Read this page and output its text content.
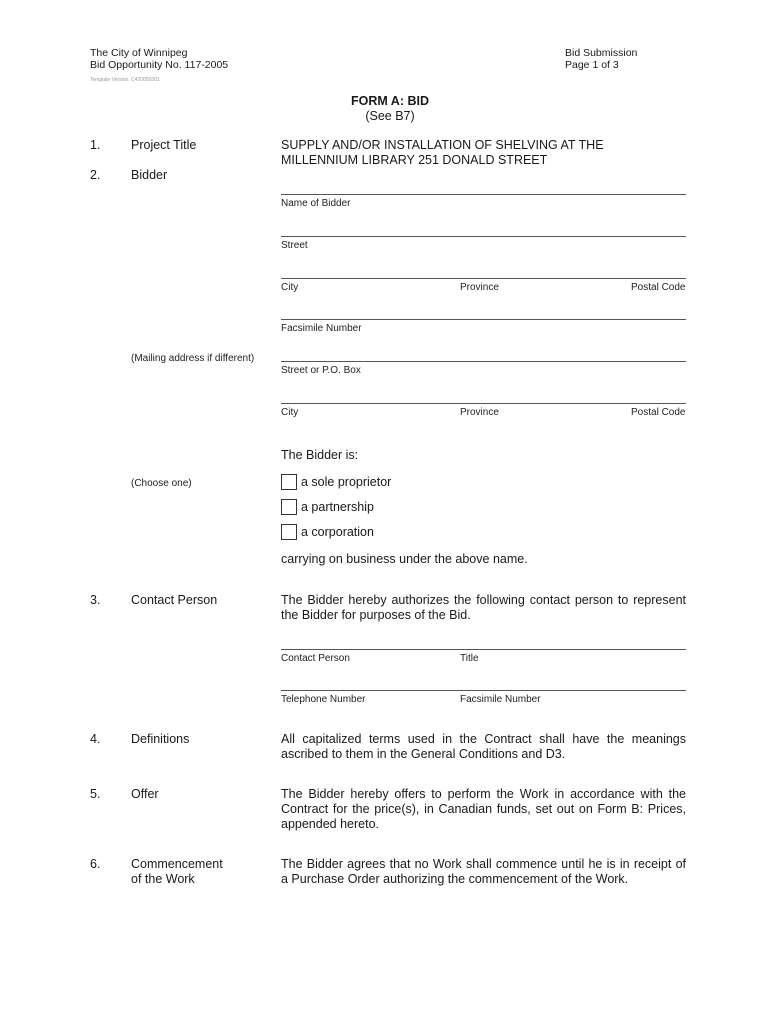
The City of Winnipeg
Bid Opportunity No. 117-2005
Template Version: C420050301
Bid Submission
Page 1 of 3
FORM A: BID
(See B7)
1. Project Title	SUPPLY AND/OR INSTALLATION OF SHELVING AT THE
MILLENNIUM LIBRARY 251 DONALD STREET
2. Bidder
Name of Bidder
Street
City	Province	Postal Code
Facsimile Number
(Mailing address if different)
Street or P.O. Box
City	Province	Postal Code
The Bidder is:
(Choose one)	a sole proprietor
a partnership
a corporation
carrying on business under the above name.
3. Contact Person	The Bidder hereby authorizes the following contact person to represent the Bidder for purposes of the Bid.
Contact Person	Title
Telephone Number	Facsimile Number
4. Definitions	All capitalized terms used in the Contract shall have the meanings ascribed to them in the General Conditions and D3.
5. Offer	The Bidder hereby offers to perform the Work in accordance with the Contract for the price(s), in Canadian funds, set out on Form B: Prices, appended hereto.
6. Commencement
of the Work
The Bidder agrees that no Work shall commence until he is in receipt of a Purchase Order authorizing the commencement of the Work.
